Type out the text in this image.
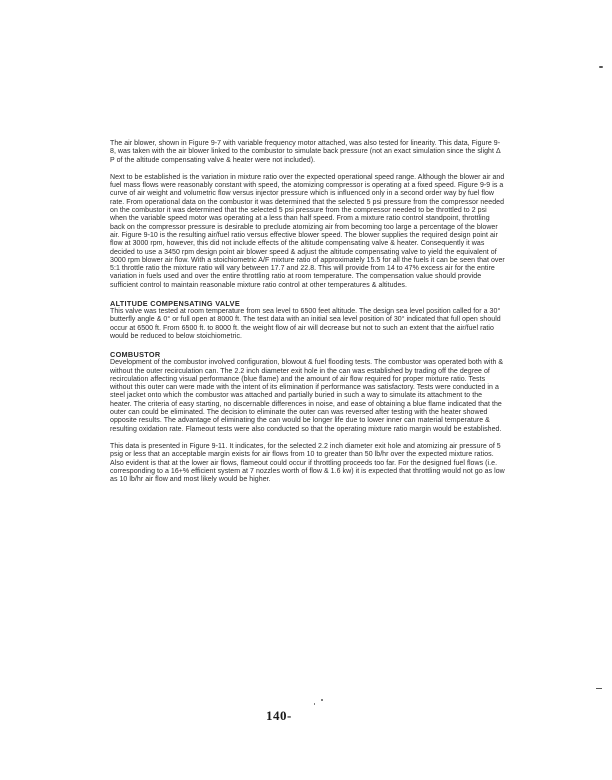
The air blower, shown in Figure 9-7 with variable frequency motor attached, was also tested for linearity. This data, Figure 9-8, was taken with the air blower linked to the combustor to simulate back pressure (not an exact simulation since the slight Δ P of the altitude compensating valve & heater were not included).

Next to be established is the variation in mixture ratio over the expected operational speed range. Although the blower air and fuel mass flows were reasonably constant with speed, the atomizing compressor is operating at a fixed speed. Figure 9-9 is a curve of air weight and volumetric flow versus injector pressure which is influenced only in a second order way by fuel flow rate. From operational data on the combustor it was determined that the selected 5 psi pressure from the compressor needed on the combustor it was determined that the selected 5 psi pressure from the compressor needed to be throttled to 2 psi when the variable speed motor was operating at a less than half speed. From a mixture ratio control standpoint, throttling back on the compressor pressure is desirable to preclude atomizing air from becoming too large a percentage of the blower air. Figure 9-10 is the resulting air/fuel ratio versus effective blower speed. The blower supplies the required design point air flow at 3000 rpm, however, this did not include effects of the altitude compensating valve & heater. Consequently it was decided to use a 3450 rpm design point air blower speed & adjust the altitude compensating valve to yield the equivalent of 3000 rpm blower air flow. With a stoichiometric A/F mixture ratio of approximately 15.5 for all the fuels it can be seen that over 5:1 throttle ratio the mixture ratio will vary between 17.7 and 22.8. This will provide from 14 to 47% excess air for the entire variation in fuels used and over the entire throttling ratio at room temperature. The compensation value should provide sufficient control to maintain reasonable mixture ratio control at other temperatures & altitudes.

ALTITUDE COMPENSATING VALVE

This valve was tested at room temperature from sea level to 6500 feet altitude. The design sea level position called for a 30° butterfly angle & 0° or full open at 8000 ft. The test data with an initial sea level position of 30° indicated that full open should occur at 6500 ft. From 6500 ft. to 8000 ft. the weight flow of air will decrease but not to such an extent that the air/fuel ratio would be reduced to below stoichiometric.

COMBUSTOR

Development of the combustor involved configuration, blowout & fuel flooding tests. The combustor was operated both with & without the outer recirculation can. The 2.2 inch diameter exit hole in the can was established by trading off the degree of recirculation affecting visual performance (blue flame) and the amount of air flow required for proper mixture ratio. Tests without this outer can were made with the intent of its elimination if performance was satisfactory. Tests were conducted in a steel jacket onto which the combustor was attached and partially buried in such a way to simulate its attachment to the heater. The criteria of easy starting, no discernable differences in noise, and ease of obtaining a blue flame indicated that the outer can could be eliminated. The decision to eliminate the outer can was reversed after testing with the heater showed opposite results. The advantage of eliminating the can would be longer life due to lower inner can material temperature & resulting oxidation rate. Flameout tests were also conducted so that the operating mixture ratio margin would be established.

This data is presented in Figure 9-11. It indicates, for the selected 2.2 inch diameter exit hole and atomizing air pressure of 5 psig or less that an acceptable margin exists for air flows from 10 to greater than 50 lb/hr over the expected mixture ratios. Also evident is that at the lower air flows, flameout could occur if throttling proceeds too far. For the designed fuel flows (i.e. corresponding to a 16+% efficient system at 7 nozzles worth of flow & 1.6 kw) it is expected that throttling would not go as low as 10 lb/hr air flow and most likely would be higher.

140-
